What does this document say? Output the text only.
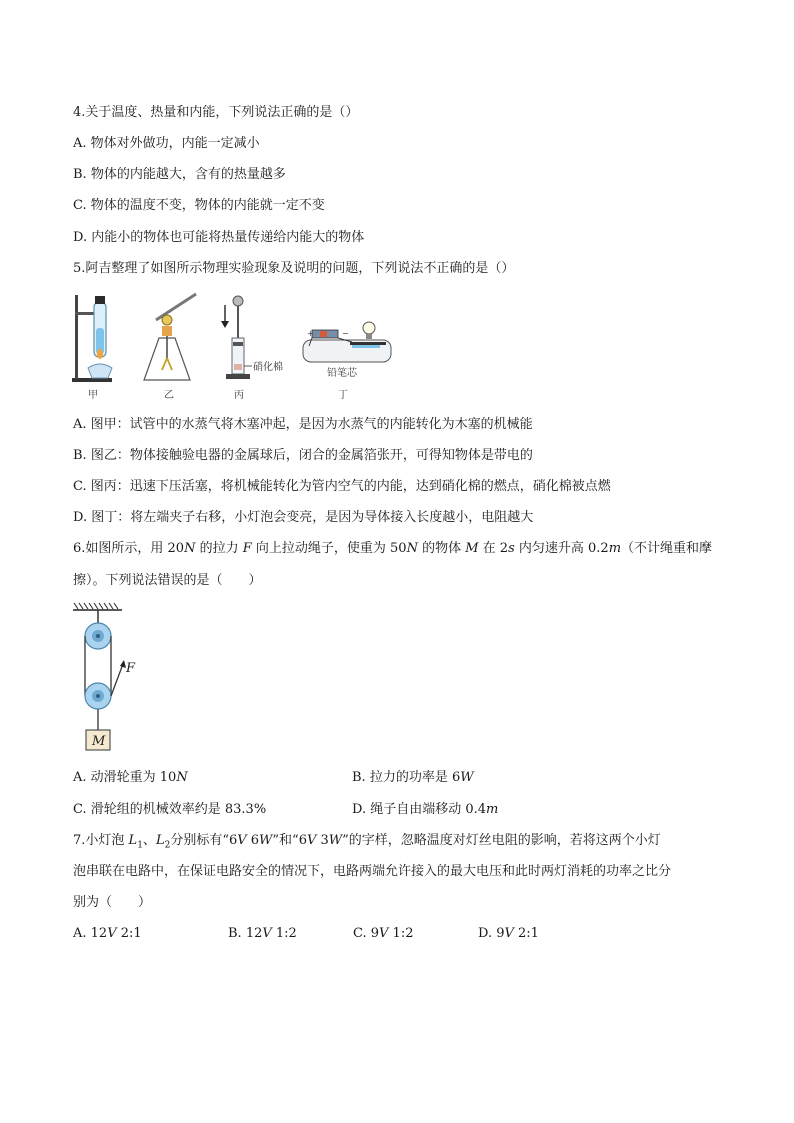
4.关于温度、热量和内能，下列说法正确的是（）
A. 物体对外做功，内能一定减小
B. 物体的内能越大，含有的热量越多
C. 物体的温度不变，物体的内能就一定不变
D. 内能小的物体也可能将热量传递给内能大的物体
5.阿吉整理了如图所示物理实验现象及说明的问题，下列说法不正确的是（）
甲	乙
硝化棉
丙
+	−
铅笔芯
丁
A. 图甲：试管中的水蒸气将木塞冲起，是因为水蒸气的内能转化为木塞的机械能
B. 图乙：物体接触验电器的金属球后，闭合的金属箔张开，可得知物体是带电的
C. 图丙：迅速下压活塞，将机械能转化为管内空气的内能，达到硝化棉的燃点，硝化棉被点燃
D. 图丁：将左端夹子右移，小灯泡会变亮，是因为导体接入长度越小，电阻越大
6.如图所示，用 20N 的拉力 F 向上拉动绳子，使重为 50N 的物体 M 在 2s 内匀速升高 0.2m（不计绳重和摩
擦）。下列说法错误的是（　　）
F
M
A. 动滑轮重为 10N	B. 拉力的功率是 6W
C. 滑轮组的机械效率约是 83.3%	D. 绳子自由端移动 0.4m
7.小灯泡 $L_1$、$L_2$分别标有“6V 6W”和“6V 3W”的字样，忽略温度对灯丝电阻的影响，若将这两个小灯
泡串联在电路中，在保证电路安全的情况下，电路两端允许接入的最大电压和此时两灯消耗的功率之比分
别为（　　）
A. 12V 2:1	B. 12V 1:2	C. 9V 1:2	D. 9V 2:1
